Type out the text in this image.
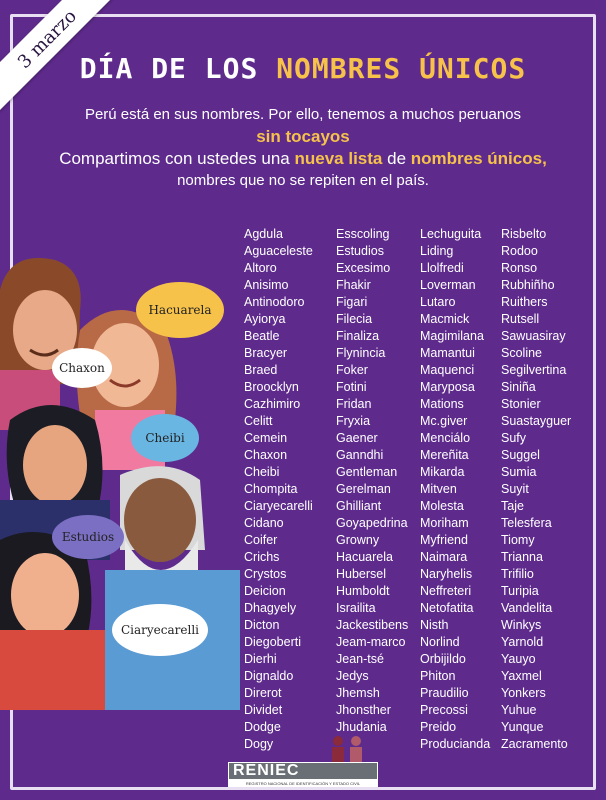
3 marzo DÍA DE LOS NOMBRES ÚNICOS
Perú está en sus nombres. Por ello, tenemos a muchos peruanos
sin tocayos
Compartimos con ustedes una nueva lista de nombres únicos,
nombres que no se repiten en el país.
Hacuarela
Chaxon
Cheibi
Estudios
Ciaryecarelli
Agdula
Aguaceleste
Altoro
Anisimo
Antinodoro
Ayiorya
Beatle
Bracyer
Braed
Broocklyn
Cazhimiro
Celitt
Cemein
Chaxon
Cheibi
Chompita
Ciaryecarelli
Cidano
Coifer
Crichs
Crystos
Deicion
Dhagyely
Dicton
Diegoberti
Dierhi
Dignaldo
Direrot
Dividet
Dodge
Dogy
Esscoling
Estudios
Excesimo
Fhakir
Figari
Filecia
Finaliza
Flynincia
Foker
Fotini
Fridan
Fryxia
Gaener
Ganndhi
Gentleman
Gerelman
Ghilliant
Goyapedrina
Growny
Hacuarela
Hubersel
Humboldt
Israilita
Jackestibens
Jeam-marco
Jean-tsé
Jedys
Jhemsh
Jhonsther
Jhudania
Lechuguita
Liding
Llolfredi
Loverman
Lutaro
Macmick
Magimilana
Mamantui
Maquenci
Maryposa
Mations
Mc.giver
Menciálo
Mereñita
Mikarda
Mitven
Molesta
Moriham
Myfriend
Naimara
Naryhelis
Neffreteri
Netofatita
Nisth
Norlind
Orbijildo
Phiton
Praudilio
Precossi
Preido
Producianda
Risbelto
Rodoo
Ronso
Rubhiñho
Ruithers
Rutsell
Sawuasiray
Scoline
Segilvertina
Siniña
Stonier
Suastayguer
Sufy
Suggel
Sumia
Suyit
Taje
Telesfera
Tiomy
Trianna
Trifilio
Turipia
Vandelita
Winkys
Yarnold
Yauyo
Yaxmel
Yonkers
Yuhue
Yunque
Zacramento
RENIEC
REGISTRO NACIONAL DE IDENTIFICACIÓN Y ESTADO CIVIL
